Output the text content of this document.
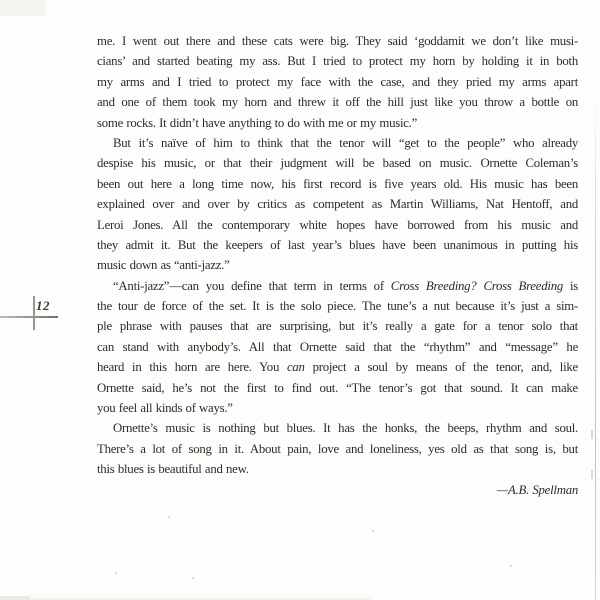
12
me. I went out there and these cats were big. They said ‘goddamit we don’t like musi-
cians’ and started beating my ass. But I tried to protect my horn by holding it in both
my arms and I tried to protect my face with the case, and they pried my arms apart
and one of them took my horn and threw it off the hill just like you throw a bottle on
some rocks. It didn’t have anything to do with me or my music.”
But it’s naïve of him to think that the tenor will “get to the people” who already
despise his music, or that their judgment will be based on music. Ornette Coleman’s
been out here a long time now, his first record is five years old. His music has been
explained over and over by critics as competent as Martin Williams, Nat Hentoff, and
Leroi Jones. All the contemporary white hopes have borrowed from his music and
they admit it. But the keepers of last year’s blues have been unanimous in putting his
music down as “anti-jazz.”
“Anti-jazz”—can you define that term in terms of Cross Breeding? Cross Breeding is
the tour de force of the set. It is the solo piece. The tune’s a nut because it’s just a sim-
ple phrase with pauses that are surprising, but it’s really a gate for a tenor solo that
can stand with anybody’s. All that Ornette said that the “rhythm” and “message” he
heard in this horn are here. You can project a soul by means of the tenor, and, like
Ornette said, he’s not the first to find out. “The tenor’s got that sound. It can make
you feel all kinds of ways.”
Ornette’s music is nothing but blues. It has the honks, the beeps, rhythm and soul.
There’s a lot of song in it. About pain, love and loneliness, yes old as that song is, but
this blues is beautiful and new.
—A.B. Spellman
